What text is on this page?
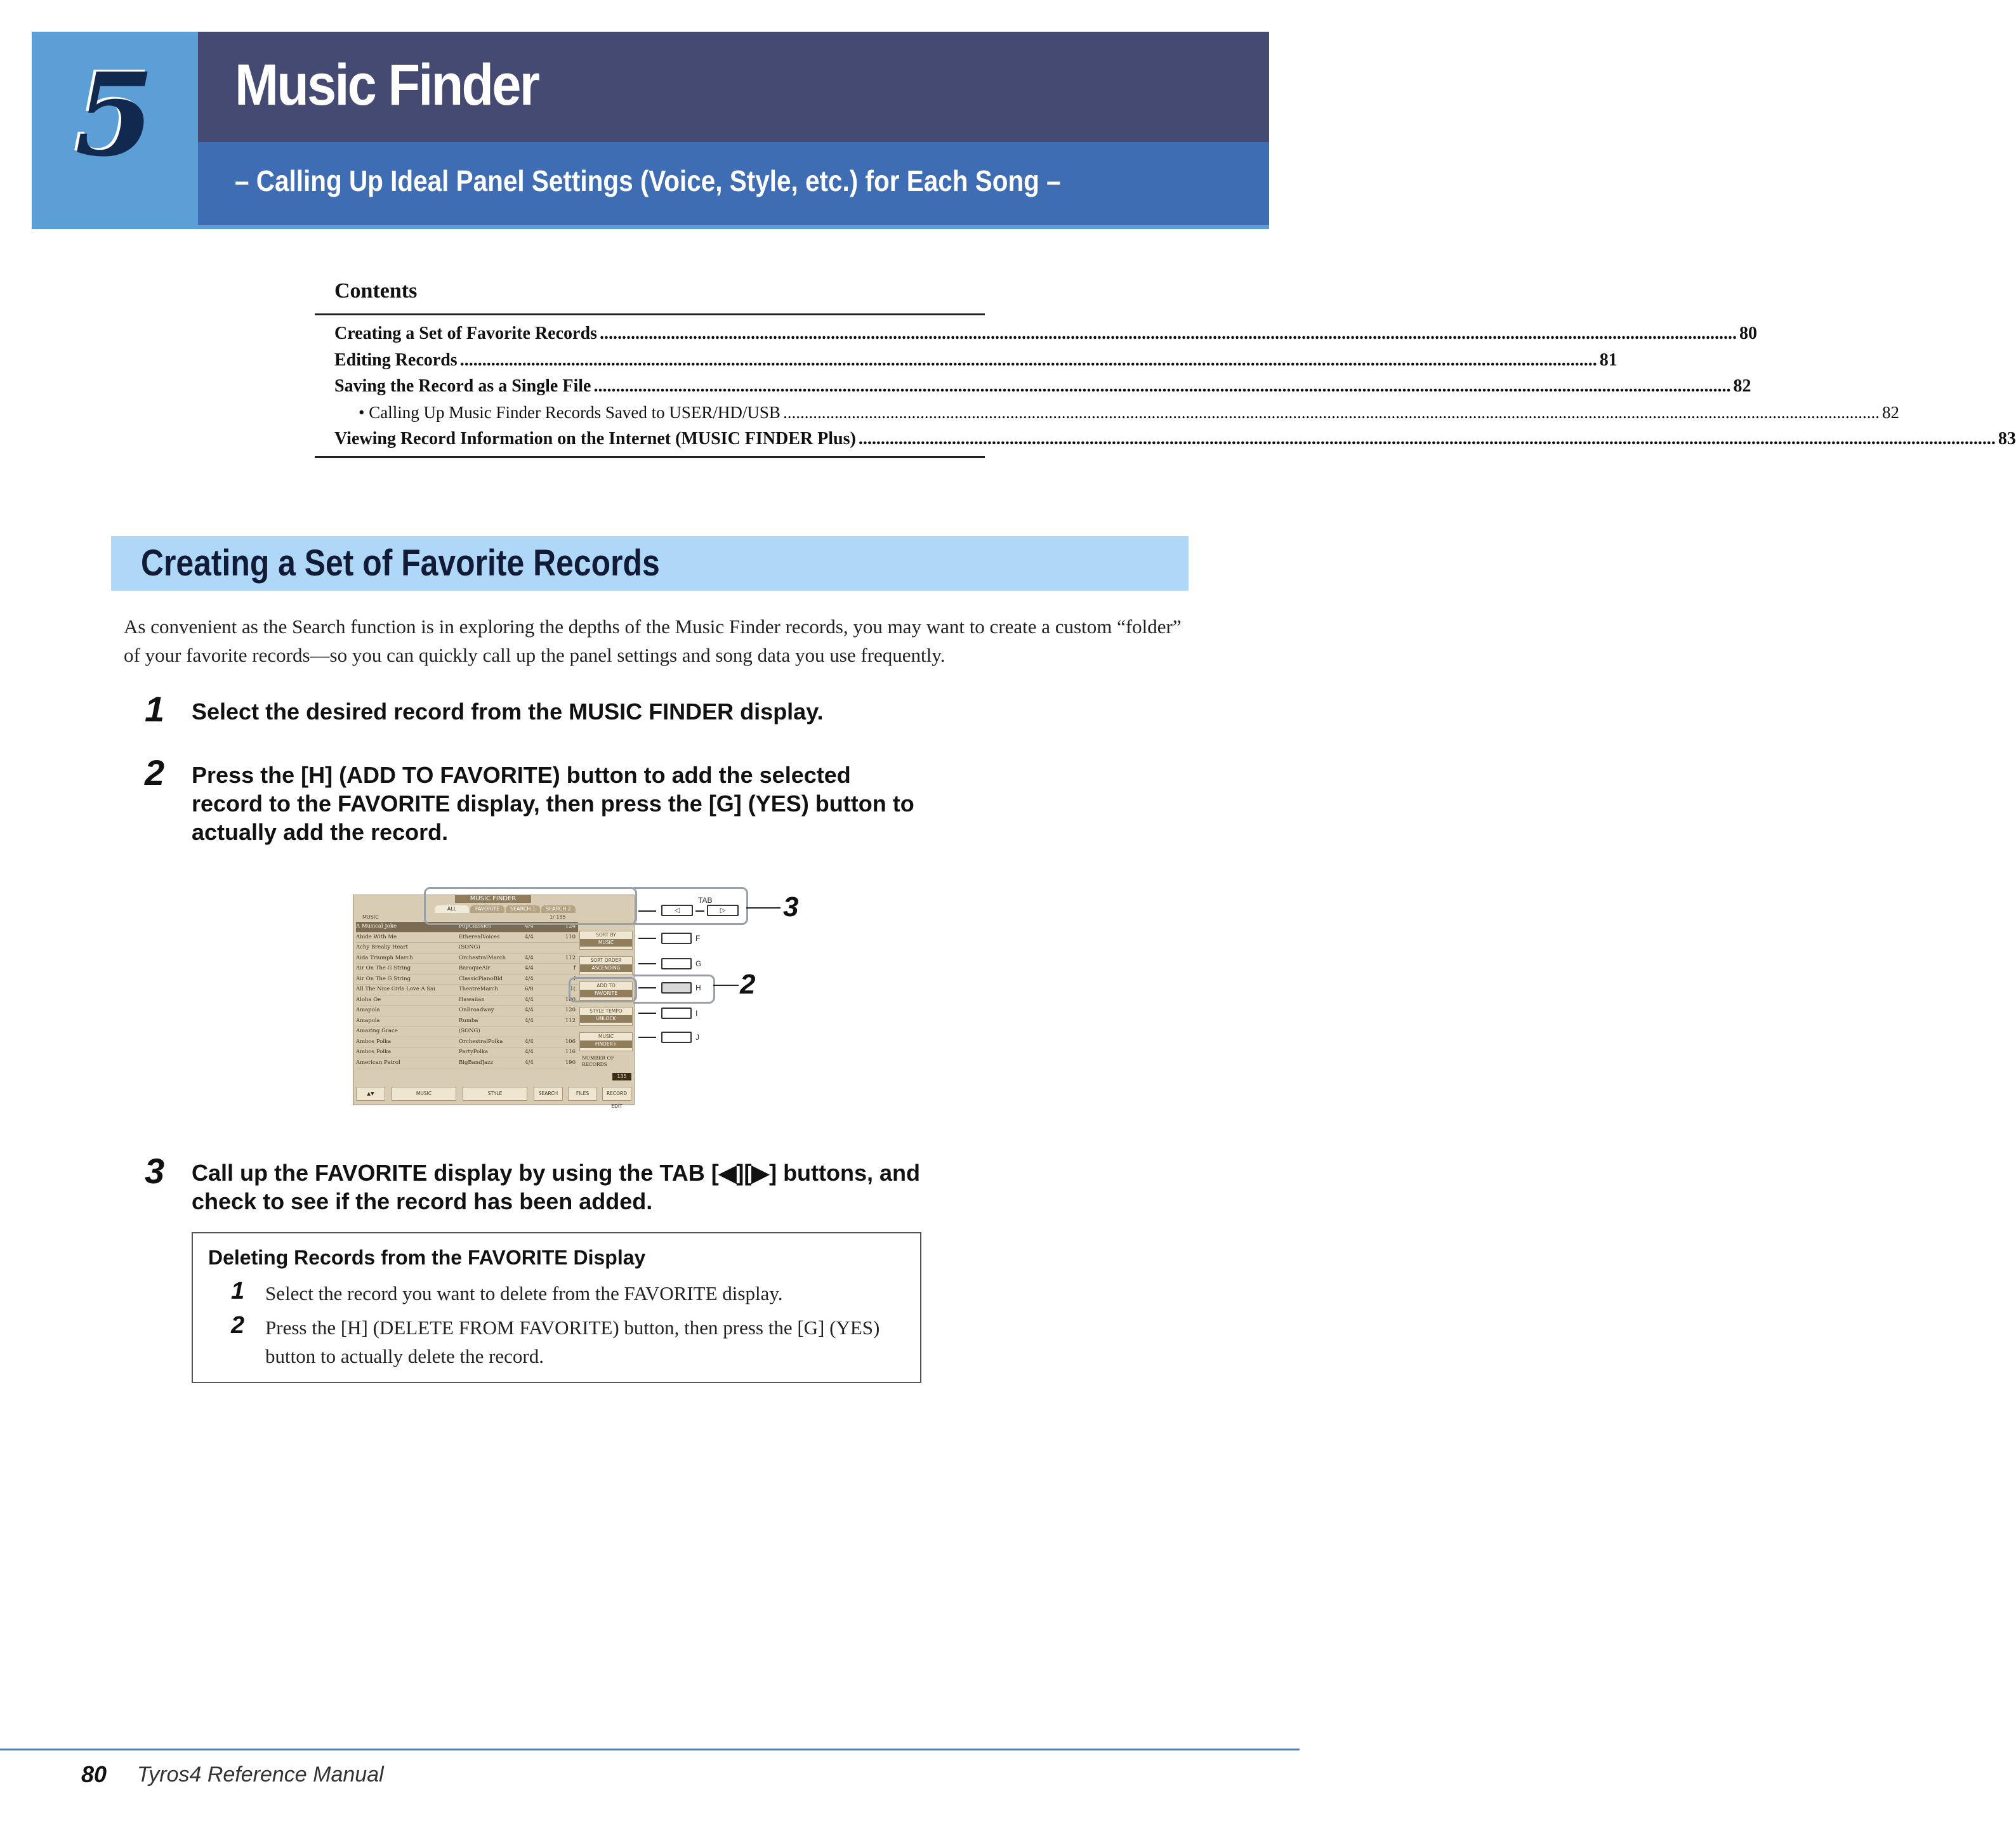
5 Music Finder
– Calling Up Ideal Panel Settings (Voice, Style, etc.) for Each Song –
Contents
Creating a Set of Favorite Records .....	80
Editing Records .....	81
Saving the Record as a Single File .....	82
• Calling Up Music Finder Records Saved to USER/HD/USB .....	82
Viewing Record Information on the Internet (MUSIC FINDER Plus) .....	83
Creating a Set of Favorite Records
As convenient as the Search function is in exploring the depths of the Music Finder records, you may want to create a custom “folder” of your favorite records—so you can quickly call up the panel settings and song data you use frequently.
1 Select the desired record from the MUSIC FINDER display.
2 Press the [H] (ADD TO FAVORITE) button to add the selected record to the FAVORITE display, then press the [G] (YES) button to actually add the record.
MUSIC FINDER
ALL	FAVORITE	SEARCH 1	SEARCH 2
MUSIC	1/ 135
A Musical Joke	PopClassics	4/4	124
Abide With Me	EtherealVoices	4/4	110
Achy Breaky Heart	(SONG)
Aida Triumph March	OrchestralMarch	4/4	112
Air On The G String	BaroqueAir	4/4	f
Air On The G String	ClassicPianoBld	4/4	f
All The Nice Girls Love A Sai	TheatreMarch	6/8	1(
Aloha Oe	Hawaiian	4/4	100
Amapola	OnBroadway	4/4	120
Amapola	Rumba	4/4	112
Amazing Grace	(SONG)
Ambos Polka	OrchestralPolka	4/4	106
Ambos Polka	PartyPolka	4/4	116
American Patrol	BigBandJazz	4/4	190
SORT BY
MUSIC
SORT ORDER
ASCENDING
ADD TO
FAVORITE
STYLE TEMPO
UNLOCK
MUSIC
FINDER+
NUMBER OF RECORDS
135
▲▼	MUSIC	STYLE	SEARCH	FILES	RECORD EDIT
TAB
◁	▷	3
F
G
H 2
I
J
3 Call up the FAVORITE display by using the TAB [◀][▶] buttons, and check to see if the record has been added.
Deleting Records from the FAVORITE Display
1 Select the record you want to delete from the FAVORITE display.
2 Press the [H] (DELETE FROM FAVORITE) button, then press the [G] (YES) button to actually delete the record.
80 Tyros4 Reference Manual
